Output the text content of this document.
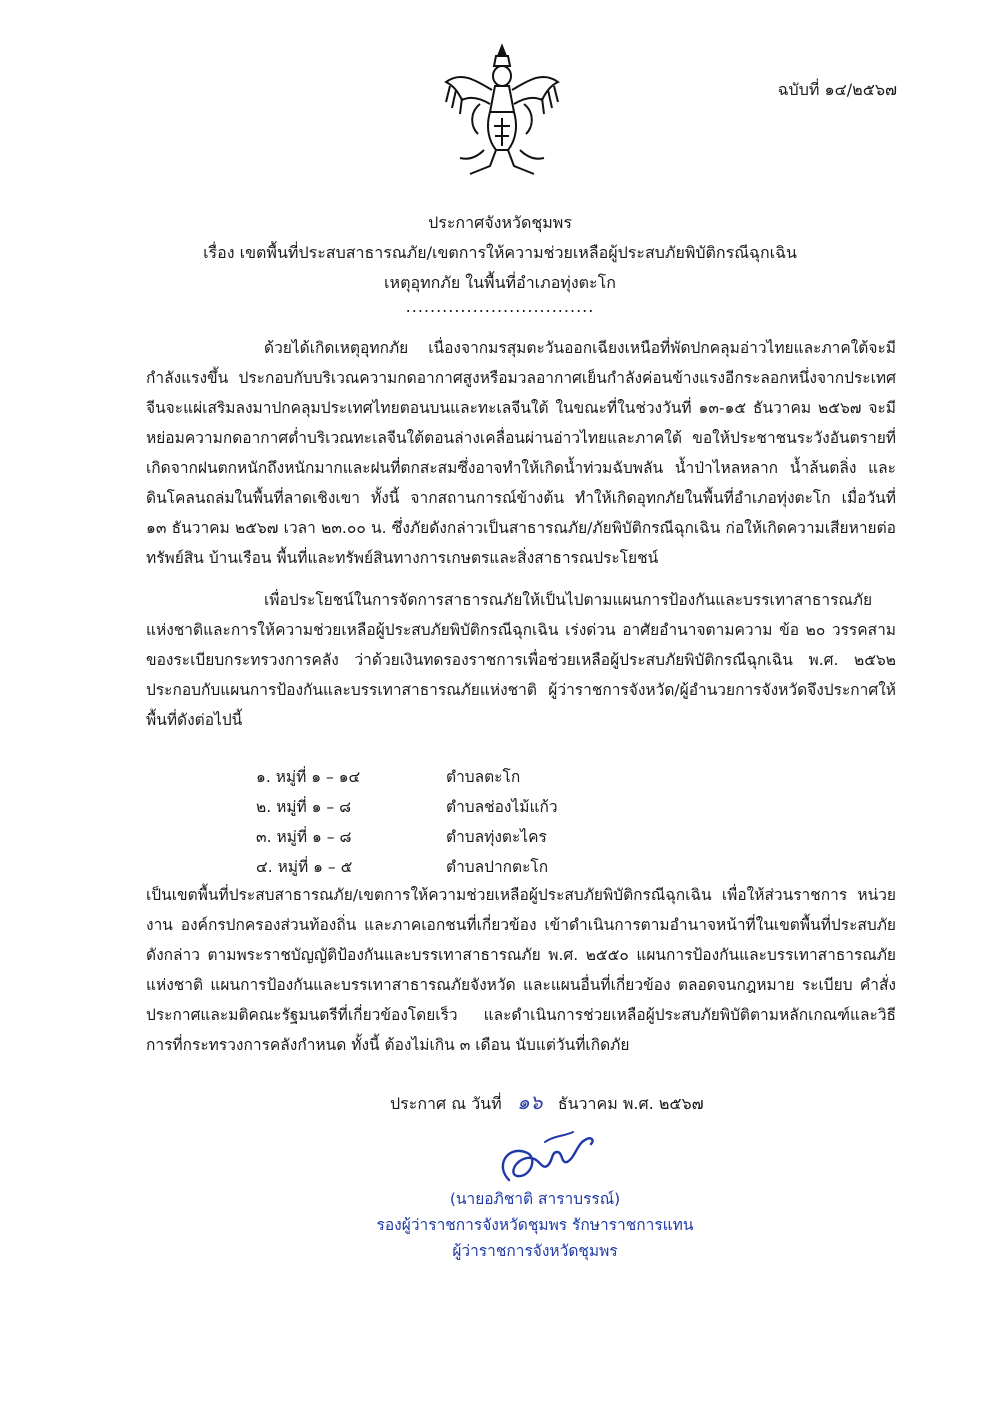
ฉบับที่ ๑๔/๒๕๖๗
ประกาศจังหวัดชุมพร
เรื่อง เขตพื้นที่ประสบสาธารณภัย/เขตการให้ความช่วยเหลือผู้ประสบภัยพิบัติกรณีฉุกเฉิน
เหตุอุทกภัย ในพื้นที่อำเภอทุ่งตะโก
...............................

ด้วยได้เกิดเหตุอุทกภัย เนื่องจากมรสุมตะวันออกเฉียงเหนือที่พัดปกคลุมอ่าวไทยและภาคใต้จะมีกำลังแรงขึ้น ประกอบกับบริเวณความกดอากาศสูงหรือมวลอากาศเย็นกำลังค่อนข้างแรงอีกระลอกหนึ่งจากประเทศจีนจะแผ่เสริมลงมาปกคลุมประเทศไทยตอนบนและทะเลจีนใต้ ในขณะที่ในช่วงวันที่ ๑๓-๑๕ ธันวาคม ๒๕๖๗ จะมีหย่อมความกดอากาศต่ำบริเวณทะเลจีนใต้ตอนล่างเคลื่อนผ่านอ่าวไทยและภาคใต้ ขอให้ประชาชนระวังอันตรายที่เกิดจากฝนตกหนักถึงหนักมากและฝนที่ตกสะสมซึ่งอาจทำให้เกิดน้ำท่วมฉับพลัน น้ำป่าไหลหลาก น้ำล้นตลิ่ง และดินโคลนถล่มในพื้นที่ลาดเชิงเขา ทั้งนี้ จากสถานการณ์ข้างต้น ทำให้เกิดอุทกภัยในพื้นที่อำเภอทุ่งตะโก เมื่อวันที่ ๑๓ ธันวาคม ๒๕๖๗ เวลา ๒๓.๐๐ น. ซึ่งภัยดังกล่าวเป็นสาธารณภัย/ภัยพิบัติกรณีฉุกเฉิน ก่อให้เกิดความเสียหายต่อทรัพย์สิน บ้านเรือน พื้นที่และทรัพย์สินทางการเกษตรและสิ่งสาธารณประโยชน์

เพื่อประโยชน์ในการจัดการสาธารณภัยให้เป็นไปตามแผนการป้องกันและบรรเทาสาธารณภัยแห่งชาติและการให้ความช่วยเหลือผู้ประสบภัยพิบัติกรณีฉุกเฉิน เร่งด่วน อาศัยอำนาจตามความ ข้อ ๒๐ วรรคสามของระเบียบกระทรวงการคลัง ว่าด้วยเงินทดรองราชการเพื่อช่วยเหลือผู้ประสบภัยพิบัติกรณีฉุกเฉิน พ.ศ. ๒๕๖๒ ประกอบกับแผนการป้องกันและบรรเทาสาธารณภัยแห่งชาติ ผู้ว่าราชการจังหวัด/ผู้อำนวยการจังหวัดจึงประกาศให้พื้นที่ดังต่อไปนี้

๑. หมู่ที่ ๑ – ๑๔	ตำบลตะโก
๒. หมู่ที่ ๑ – ๘	ตำบลช่องไม้แก้ว
๓. หมู่ที่ ๑ – ๘	ตำบลทุ่งตะไคร
๔. หมู่ที่ ๑ – ๕	ตำบลปากตะโก
เป็นเขตพื้นที่ประสบสาธารณภัย/เขตการให้ความช่วยเหลือผู้ประสบภัยพิบัติกรณีฉุกเฉิน เพื่อให้ส่วนราชการ หน่วยงาน องค์กรปกครองส่วนท้องถิ่น และภาคเอกชนที่เกี่ยวข้อง เข้าดำเนินการตามอำนาจหน้าที่ในเขตพื้นที่ประสบภัยดังกล่าว ตามพระราชบัญญัติป้องกันและบรรเทาสาธารณภัย พ.ศ. ๒๕๕๐ แผนการป้องกันและบรรเทาสาธารณภัยแห่งชาติ แผนการป้องกันและบรรเทาสาธารณภัยจังหวัด และแผนอื่นที่เกี่ยวข้อง ตลอดจนกฎหมาย ระเบียบ คำสั่ง ประกาศและมติคณะรัฐมนตรีที่เกี่ยวข้องโดยเร็ว และดำเนินการช่วยเหลือผู้ประสบภัยพิบัติตามหลักเกณฑ์และวิธีการที่กระทรวงการคลังกำหนด ทั้งนี้ ต้องไม่เกิน ๓ เดือน นับแต่วันที่เกิดภัย
ประกาศ ณ วันที่ ๑๖ ธันวาคม พ.ศ. ๒๕๖๗
(นายอภิชาติ สาราบรรณ์)
รองผู้ว่าราชการจังหวัดชุมพร รักษาราชการแทน
ผู้ว่าราชการจังหวัดชุมพร
